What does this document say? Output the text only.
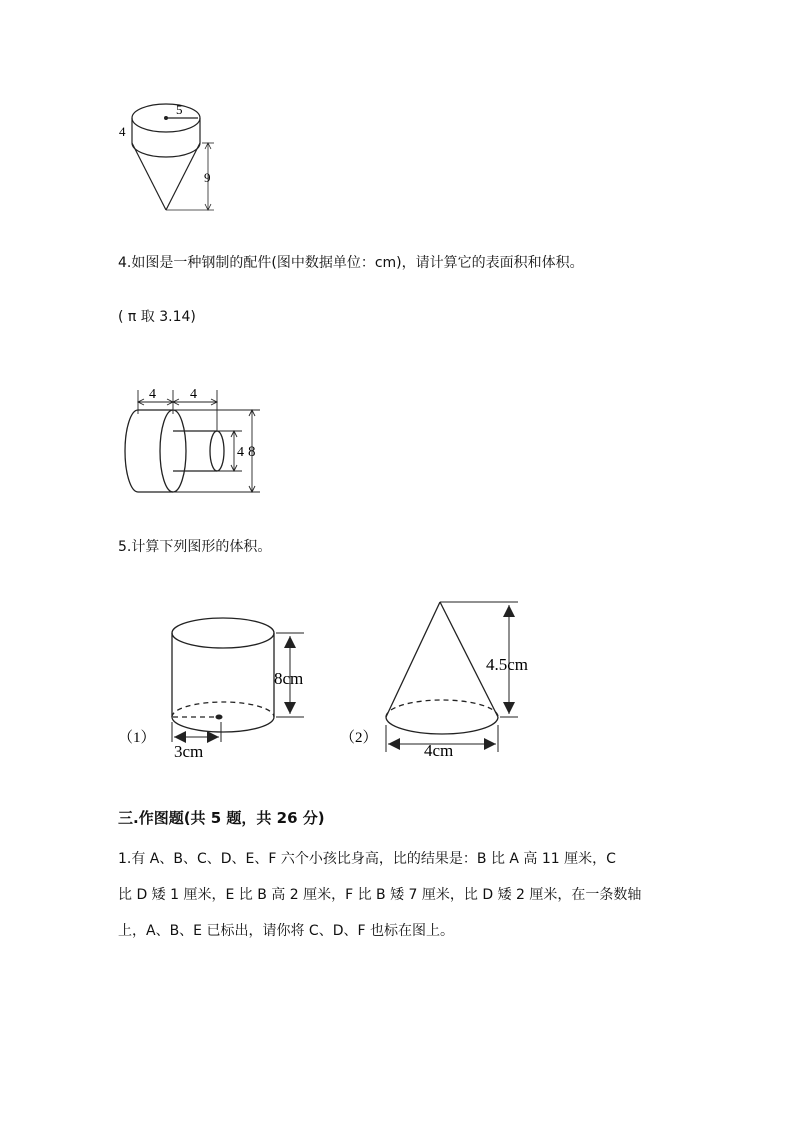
5
4
9
4.如图是一种钢制的配件(图中数据单位：cm)，请计算它的表面积和体积。
( π 取 3.14)
4 4
4 8
5.计算下列图形的体积。
8cm
3cm
（1）
4.5cm
4cm
（2）
三.作图题(共 5 题，共 26 分)
1.有 A、B、C、D、E、F 六个小孩比身高，比的结果是：B 比 A 高 11 厘米，C
比 D 矮 1 厘米，E 比 B 高 2 厘米，F 比 B 矮 7 厘米，比 D 矮 2 厘米，在一条数轴
上，A、B、E 已标出，请你将 C、D、F 也标在图上。
